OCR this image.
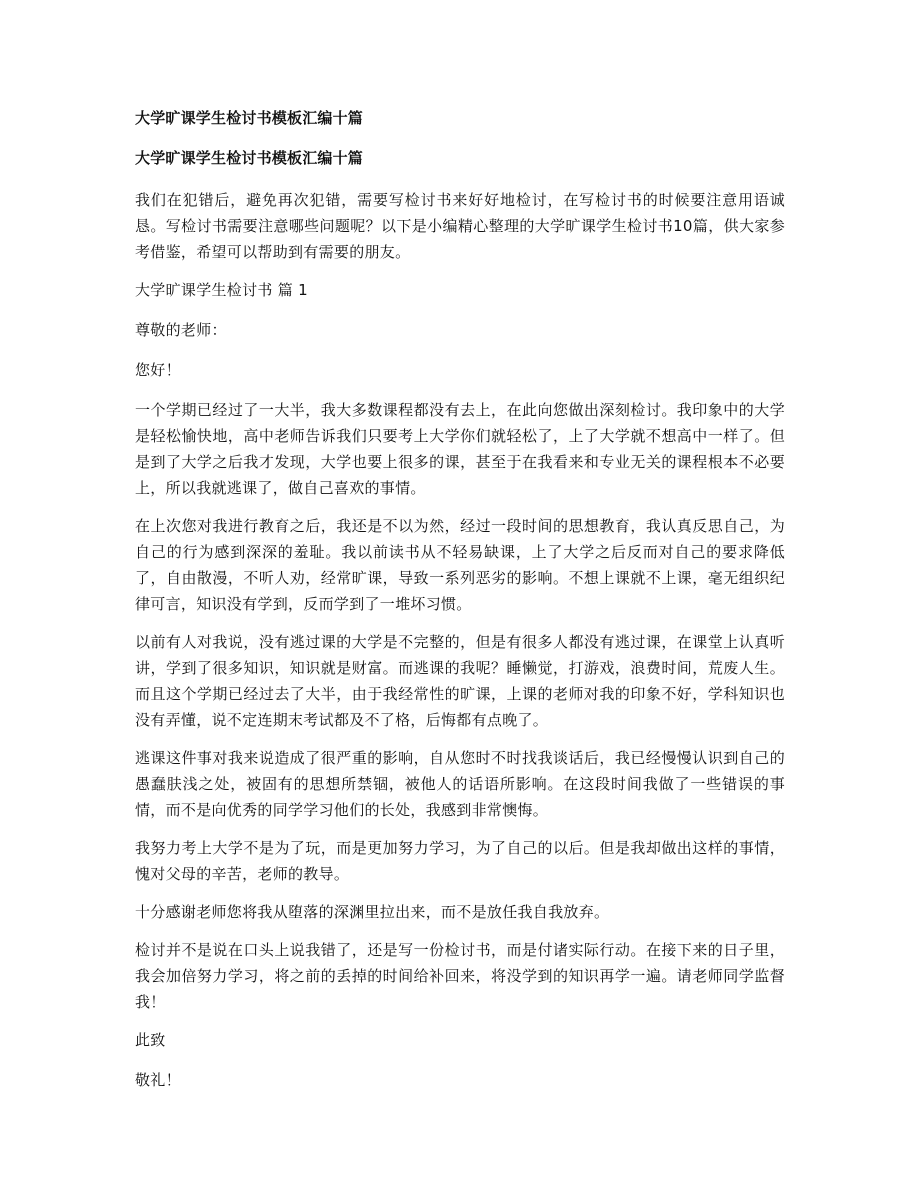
大学旷课学生检讨书模板汇编十篇
大学旷课学生检讨书模板汇编十篇

我们在犯错后，避免再次犯错，需要写检讨书来好好地检讨，在写检讨书的时候要注意用语诚恳。写检讨书需要注意哪些问题呢？以下是小编精心整理的大学旷课学生检讨书10篇，供大家参考借鉴，希望可以帮助到有需要的朋友。

大学旷课学生检讨书 篇 1

尊敬的老师：

您好！

一个学期已经过了一大半，我大多数课程都没有去上，在此向您做出深刻检讨。我印象中的大学是轻松愉快地，高中老师告诉我们只要考上大学你们就轻松了，上了大学就不想高中一样了。但是到了大学之后我才发现，大学也要上很多的课，甚至于在我看来和专业无关的课程根本不必要上，所以我就逃课了，做自己喜欢的事情。

在上次您对我进行教育之后，我还是不以为然，经过一段时间的思想教育，我认真反思自己，为自己的行为感到深深的羞耻。我以前读书从不轻易缺课，上了大学之后反而对自己的要求降低了，自由散漫，不听人劝，经常旷课，导致一系列恶劣的影响。不想上课就不上课，毫无组织纪律可言，知识没有学到，反而学到了一堆坏习惯。

以前有人对我说，没有逃过课的大学是不完整的，但是有很多人都没有逃过课，在课堂上认真听讲，学到了很多知识，知识就是财富。而逃课的我呢？睡懒觉，打游戏，浪费时间，荒废人生。而且这个学期已经过去了大半，由于我经常性的旷课，上课的老师对我的印象不好，学科知识也没有弄懂，说不定连期末考试都及不了格，后悔都有点晚了。

逃课这件事对我来说造成了很严重的影响，自从您时不时找我谈话后，我已经慢慢认识到自己的愚蠢肤浅之处，被固有的思想所禁锢，被他人的话语所影响。在这段时间我做了一些错误的事情，而不是向优秀的同学学习他们的长处，我感到非常懊悔。

我努力考上大学不是为了玩，而是更加努力学习，为了自己的以后。但是我却做出这样的事情，愧对父母的辛苦，老师的教导。

十分感谢老师您将我从堕落的深渊里拉出来，而不是放任我自我放弃。

检讨并不是说在口头上说我错了，还是写一份检讨书，而是付诸实际行动。在接下来的日子里，我会加倍努力学习，将之前的丢掉的时间给补回来，将没学到的知识再学一遍。请老师同学监督我！

此致

敬礼！
